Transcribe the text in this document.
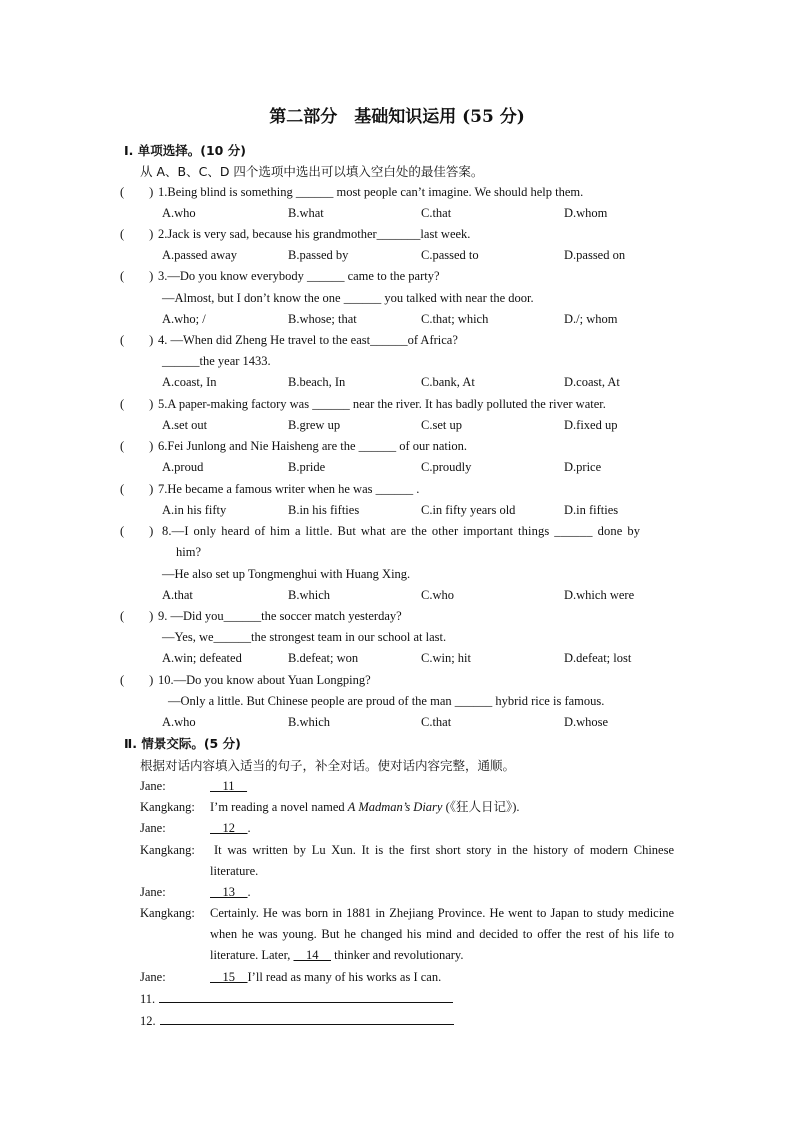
第二部分　基础知识运用 (55 分)
Ⅰ. 单项选择。(10 分)
从 A、B、C、D 四个选项中选出可以填入空白处的最佳答案。
(　　) 1.Being blind is something ______ most people can’t imagine. We should help them.
A.who	B.what	C.that	D.whom
(　　) 2.Jack is very sad, because his grandmother_______last week.
A.passed away	B.passed by	C.passed to	D.passed on
(　　) 3.—Do you know everybody ______ came to the party?
—Almost, but I don’t know the one ______ you talked with near the door.
A.who; /	B.whose; that	C.that; which	D./; whom
(　　) 4. —When did Zheng He travel to the east______of Africa?
______the year 1433.
A.coast, In	B.beach, In	C.bank, At	D.coast, At
(　　) 5.A paper-making factory was ______ near the river. It has badly polluted the river water.
A.set out	B.grew up	C.set up	D.fixed up
(　　) 6.Fei Junlong and Nie Haisheng are the ______ of our nation.
A.proud	B.pride	C.proudly	D.price
(　　) 7.He became a famous writer when he was ______ .
A.in his fifty	B.in his fifties	C.in fifty years old	D.in fifties
(　　) 8.—I only heard of him a little. But what are the other important things ______ done by
him?
—He also set up Tongmenghui with Huang Xing.
A.that	B.which	C.who	D.which were
(　　) 9. —Did you______the soccer match yesterday?
—Yes, we______the strongest team in our school at last.
A.win; defeated	B.defeat; won	C.win; hit	D.defeat; lost
(　　) 10.—Do you know about Yuan Longping?
—Only a little. But Chinese people are proud of the man ______ hybrid rice is famous.
A.who	B.which	C.that	D.whose
Ⅱ. 情景交际。(5 分)
根据对话内容填入适当的句子，补全对话。使对话内容完整，通顺。
Jane:	　11　
Kangkang: I’m reading a novel named A Madman’s Diary (《狂人日记》).
Jane:	　12　.
Kangkang:	It was written by Lu Xun. It is the first short story in the history of modern Chinese literature.
Jane:	　13　.
Kangkang: Certainly. He was born in 1881 in Zhejiang Province. He went to Japan to study medicine when he was young. But he changed his mind and decided to offer the rest of his life to literature. Later, 　14　 thinker and revolutionary.
Jane:	　15　I’ll read as many of his works as I can.
11.
12.
